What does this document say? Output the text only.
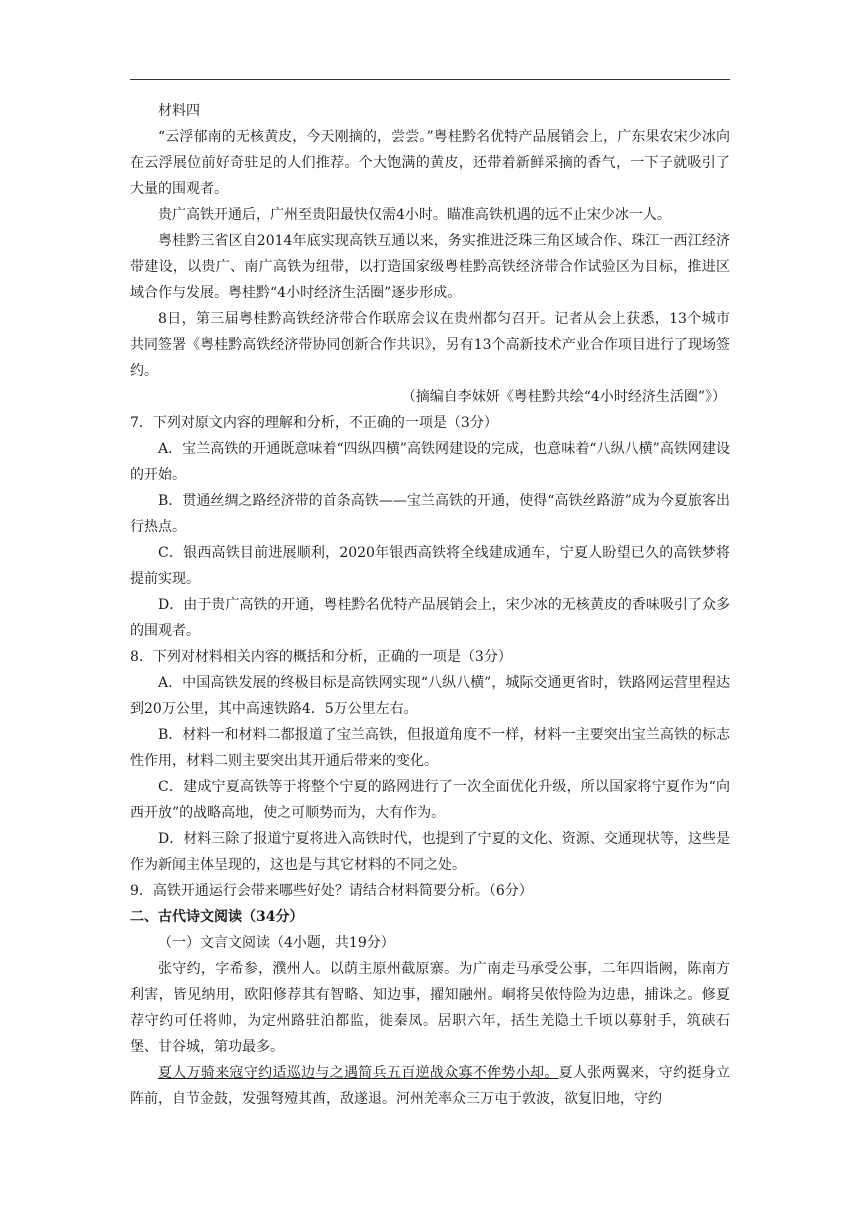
材料四

“云浮郁南的无核黄皮，今天刚摘的，尝尝。”粤桂黔名优特产品展销会上，广东果农宋少冰向在云浮展位前好奇驻足的人们推荐。个大饱满的黄皮，还带着新鲜采摘的香气，一下子就吸引了大量的围观者。

贵广高铁开通后，广州至贵阳最快仅需4小时。瞄准高铁机遇的远不止宋少冰一人。

粤桂黔三省区自2014年底实现高铁互通以来，务实推进泛珠三角区域合作、珠江一西江经济带建设，以贵广、南广高铁为纽带，以打造国家级粤桂黔高铁经济带合作试验区为目标，推进区域合作与发展。粤桂黔“4小时经济生活圈”逐步形成。

8日，第三届粤桂黔高铁经济带合作联席会议在贵州都匀召开。记者从会上获悉，13个城市共同签署《粤桂黔高铁经济带协同创新合作共识》，另有13个高新技术产业合作项目进行了现场签约。

（摘编自李妹妍《粤桂黔共绘“4小时经济生活圈”》）

7．下列对原文内容的理解和分析，不正确的一项是（3分）

A．宝兰高铁的开通既意味着“四纵四横”高铁网建设的完成，也意味着“八纵八横”高铁网建设的开始。

B．贯通丝绸之路经济带的首条高铁——宝兰高铁的开通，使得“高铁丝路游”成为今夏旅客出行热点。

C．银西高铁目前进展顺利，2020年银西高铁将全线建成通车，宁夏人盼望已久的高铁梦将提前实现。

D．由于贵广高铁的开通，粤桂黔名优特产品展销会上，宋少冰的无核黄皮的香味吸引了众多的围观者。

8．下列对材料相关内容的概括和分析，正确的一项是（3分）

A．中国高铁发展的终极目标是高铁网实现“八纵八横”，城际交通更省时，铁路网运营里程达到20万公里，其中高速铁路4．5万公里左右。

B．材料一和材料二都报道了宝兰高铁，但报道角度不一样，材料一主要突出宝兰高铁的标志性作用，材料二则主要突出其开通后带来的变化。

C．建成宁夏高铁等于将整个宁夏的路网进行了一次全面优化升级，所以国家将宁夏作为“向西开放”的战略高地，使之可顺势而为，大有作为。

D．材料三除了报道宁夏将进入高铁时代，也提到了宁夏的文化、资源、交通现状等，这些是作为新闻主体呈现的，这也是与其它材料的不同之处。

9．高铁开通运行会带来哪些好处？请结合材料简要分析。（6分）

二、古代诗文阅读（34分）

（一）文言文阅读（4小题，共19分）

张守约，字希参，濮州人。以荫主原州截原寨。为广南走马承受公事，二年四诣阙，陈南方利害，皆见纳用，欧阳修荐其有智略、知边事，擢知融州。峒将吴侬恃险为边患，捕诛之。修夏荐守约可任将帅，为定州路驻泊都监，徙秦凤。居职六年，括生羌隐土千顷以募射手，筑硖石堡、甘谷城，第功最多。

夏人万骑来寇守约适巡边与之遇简兵五百逆战众寡不侔势小却。夏人张两翼来，守约挺身立阵前，自节金鼓，发强弩殪其酋，敌遂退。河州羌率众三万屯于敦波，欲复旧地，守约
